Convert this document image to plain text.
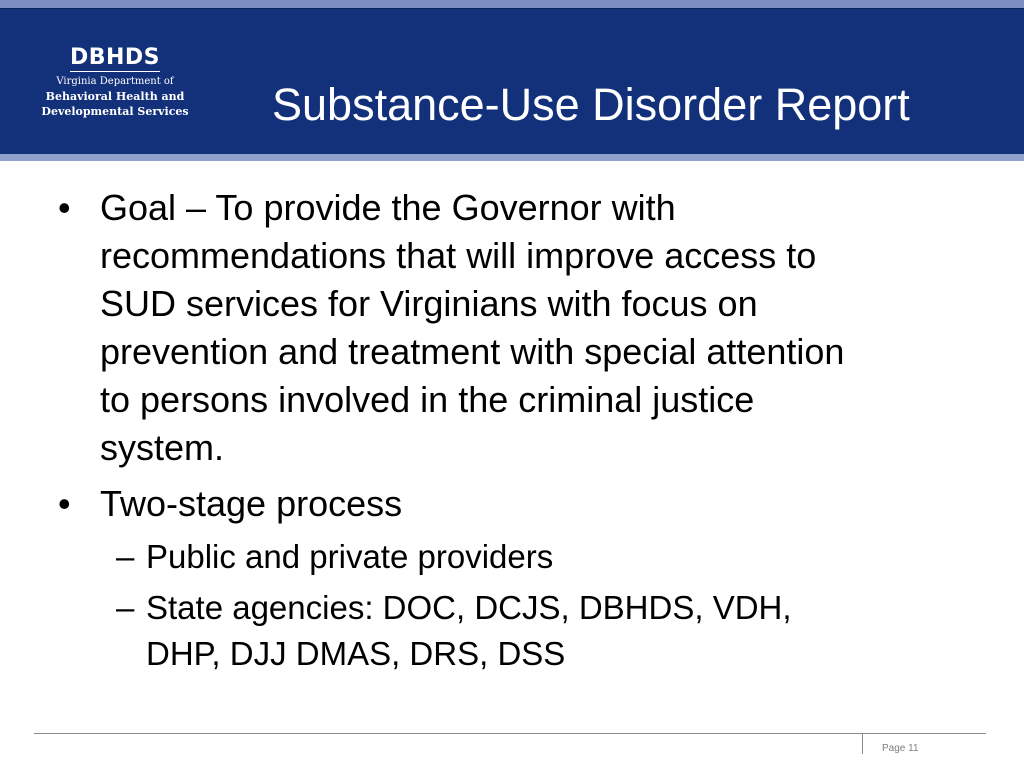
DBHDS
Virginia Department of
Behavioral Health and
Developmental Services Substance-Use Disorder Report
• Goal – To provide the Governor with
recommendations that will improve access to
SUD services for Virginians with focus on
prevention and treatment with special attention
to persons involved in the criminal justice
system.
• Two-stage process
– Public and private providers
– State agencies: DOC, DCJS, DBHDS, VDH,
DHP, DJJ DMAS, DRS, DSS
Page 11
